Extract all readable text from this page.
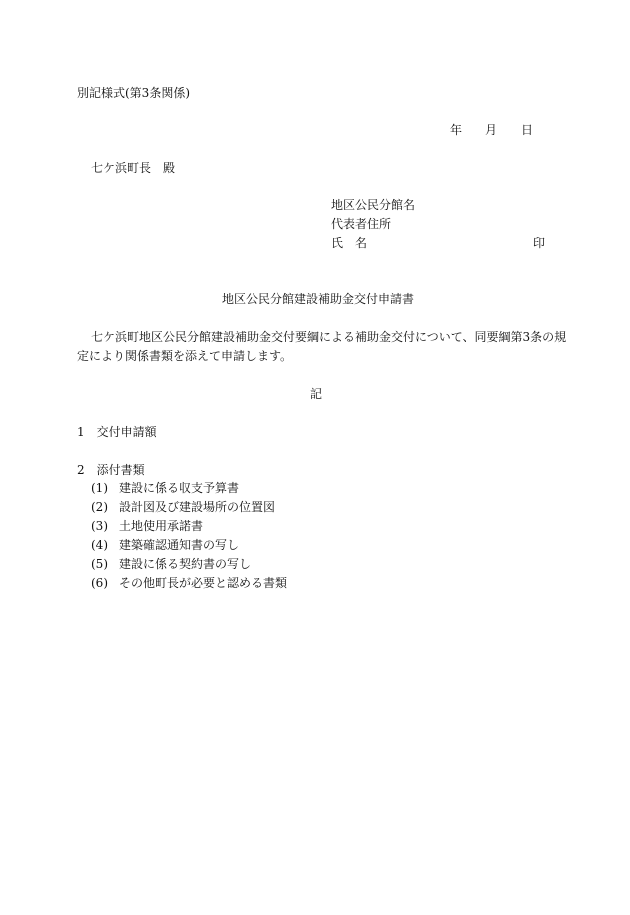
別記様式(第3条関係)
年 月 日
七ケ浜町長　殿
地区公民分館名
代表者住所
氏　名	印
地区公民分館建設補助金交付申請書
七ケ浜町地区公民分館建設補助金交付要綱による補助金交付について、同要綱第3条の規
定により関係書類を添えて申請します。
記
1　交付申請額
2　添付書類
(1) 建設に係る収支予算書
(2) 設計図及び建設場所の位置図
(3) 土地使用承諾書
(4) 建築確認通知書の写し
(5) 建設に係る契約書の写し
(6) その他町長が必要と認める書類
